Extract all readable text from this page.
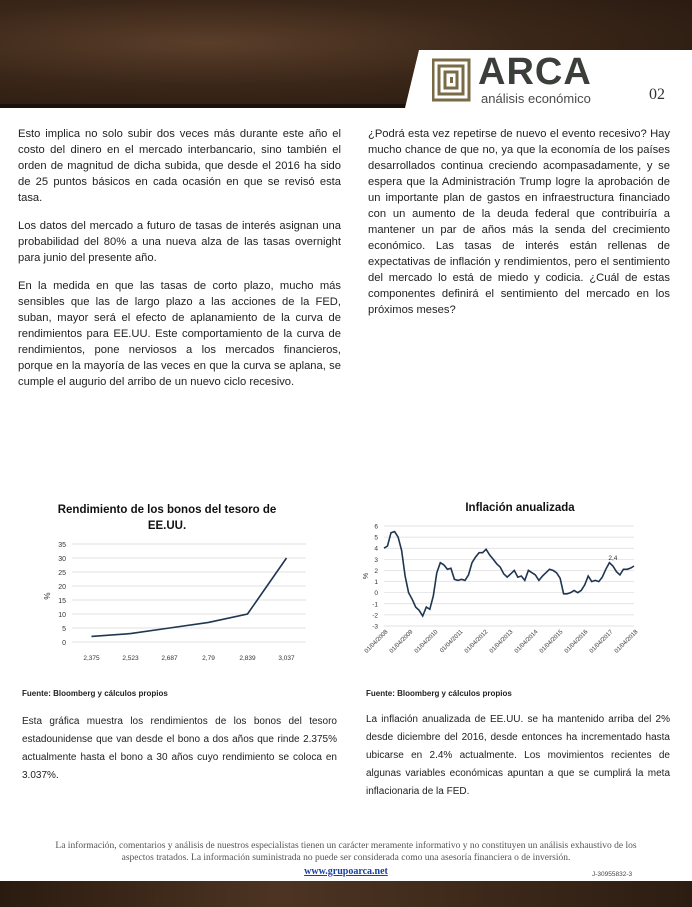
ARCA
análisis económico	02

Esto implica no solo subir dos veces más durante este año el costo del dinero en el mercado interbancario, sino también el orden de magnitud de dicha subida, que desde el 2016 ha sido de 25 puntos básicos en cada ocasión en que se revisó esta tasa.

Los datos del mercado a futuro de tasas de interés asignan una probabilidad del 80% a una nueva alza de las tasas overnight para junio del presente año.

En la medida en que las tasas de corto plazo, mucho más sensibles que las de largo plazo a las acciones de la FED, suban, mayor será el efecto de aplanamiento de la curva de rendimientos para EE.UU. Este comportamiento de la curva de rendimientos, pone nerviosos a los mercados financieros, porque en la mayoría de las veces en que la curva se aplana, se cumple el augurio del arribo de un nuevo ciclo recesivo.

¿Podrá esta vez repetirse de nuevo el evento recesivo? Hay mucho chance de que no, ya que la economía de los países desarrollados continua creciendo acompasadamente, y se espera que la Administración Trump logre la aprobación de un importante plan de gastos en infraestructura financiado con un aumento de la deuda federal que contribuiría a mantener un par de años más la senda del crecimiento económico. Las tasas de interés están rellenas de expectativas de inflación y rendimientos, pero el sentimiento del mercado lo está de miedo y codicia. ¿Cuál de estas componentes definirá el sentimiento del mercado en los próximos meses?

Rendimiento de los bonos del tesoro de EE.UU.
0
5
10
15
20
25
30
35
%
2,375	2,523	2,687	2,79	2,839	3,037
Inflación anualizada
-3
-2
-1
0
1
2
3
4
5
6
%
01/04/2008 01/04/2009 01/04/2010 01/04/2011 01/04/2012 01/04/2013 01/04/2014 01/04/2015 01/04/2016 01/04/2017 01/04/2018
2,4
Fuente: Bloomberg y cálculos propios	Fuente: Bloomberg y cálculos propios

Esta gráfica muestra los rendimientos de los bonos del tesoro estadounidense que van desde el bono a dos años que rinde 2.375% actualmente hasta el bono a 30 años cuyo rendimiento se coloca en 3.037%.

La inflación anualizada de EE.UU. se ha mantenido arriba del 2% desde diciembre del 2016, desde entonces ha incrementado hasta ubicarse en 2.4% actualmente. Los movimientos recientes de algunas variables económicas apuntan a que se cumplirá la meta inflacionaria de la FED.

La información, comentarios y análisis de nuestros especialistas tienen un carácter meramente informativo y no constituyen un análisis exhaustivo de los aspectos tratados. La información suministrada no puede ser considerada como una asesoría financiera o de inversión.

www.grupoarca.net	J-30955832-3
